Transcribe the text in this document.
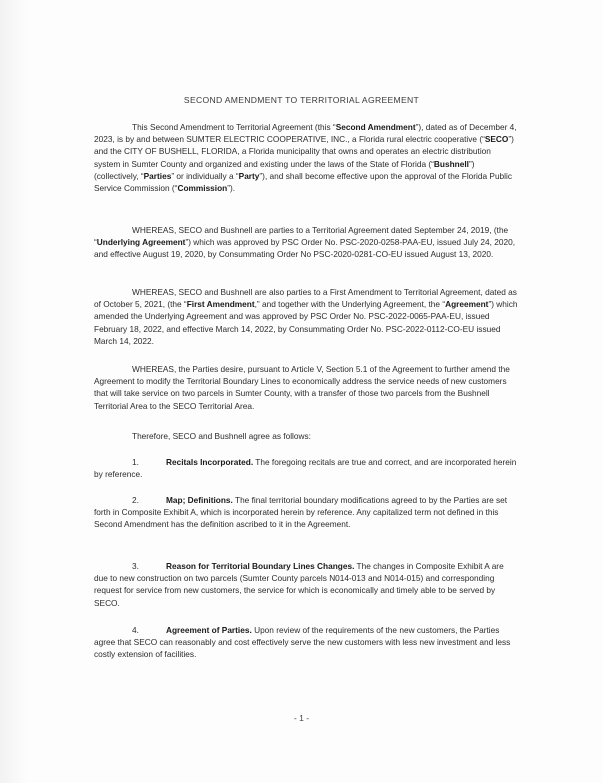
SECOND AMENDMENT TO TERRITORIAL AGREEMENT
This Second Amendment to Territorial Agreement (this “Second Amendment”), dated as of December 4, 2023, is by and between SUMTER ELECTRIC COOPERATIVE, INC., a Florida rural electric cooperative (“SECO”) and the CITY OF BUSHELL, FLORIDA, a Florida municipality that owns and operates an electric distribution system in Sumter County and organized and existing under the laws of the State of Florida (“Bushnell”) (collectively, “Parties” or individually a “Party”), and shall become effective upon the approval of the Florida Public Service Commission (“Commission”).
WHEREAS, SECO and Bushnell are parties to a Territorial Agreement dated September 24, 2019, (the “Underlying Agreement”) which was approved by PSC Order No. PSC-2020-0258-PAA-EU, issued July 24, 2020, and effective August 19, 2020, by Consummating Order No PSC-2020-0281-CO-EU issued August 13, 2020.
WHEREAS, SECO and Bushnell are also parties to a First Amendment to Territorial Agreement, dated as of October 5, 2021, (the “First Amendment,” and together with the Underlying Agreement, the “Agreement”) which amended the Underlying Agreement and was approved by PSC Order No. PSC-2022-0065-PAA-EU, issued February 18, 2022, and effective March 14, 2022, by Consummating Order No. PSC-2022-0112-CO-EU issued March 14, 2022.
WHEREAS, the Parties desire, pursuant to Article V, Section 5.1 of the Agreement to further amend the Agreement to modify the Territorial Boundary Lines to economically address the service needs of new customers that will take service on two parcels in Sumter County, with a transfer of those two parcels from the Bushnell Territorial Area to the SECO Territorial Area.
Therefore, SECO and Bushnell agree as follows:
1.	Recitals Incorporated. The foregoing recitals are true and correct, and are incorporated herein by reference.
2.	Map; Definitions. The final territorial boundary modifications agreed to by the Parties are set forth in Composite Exhibit A, which is incorporated herein by reference. Any capitalized term not defined in this Second Amendment has the definition ascribed to it in the Agreement.
3.	Reason for Territorial Boundary Lines Changes. The changes in Composite Exhibit A are due to new construction on two parcels (Sumter County parcels N014-013 and N014-015) and corresponding request for service from new customers, the service for which is economically and timely able to be served by SECO.
4.	Agreement of Parties. Upon review of the requirements of the new customers, the Parties agree that SECO can reasonably and cost effectively serve the new customers with less new investment and less costly extension of facilities.
- 1 -
